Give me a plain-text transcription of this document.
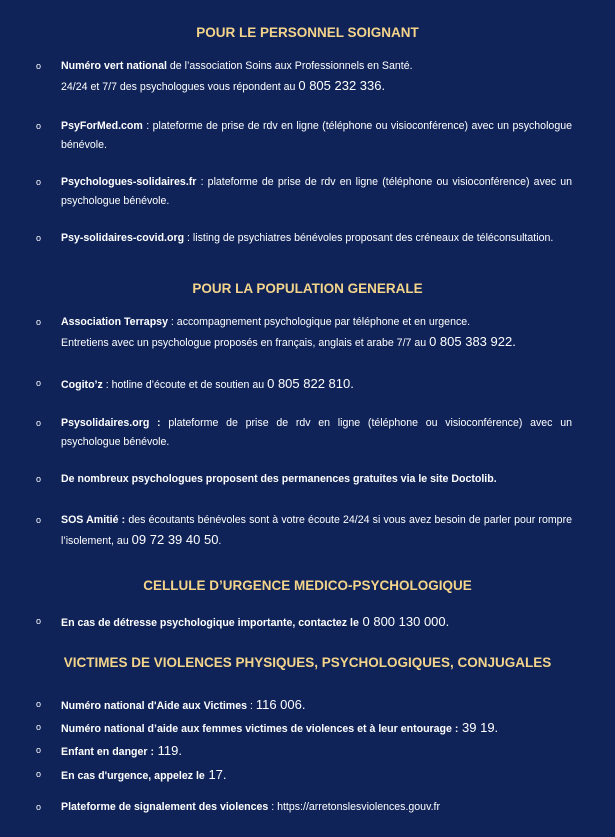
POUR LE PERSONNEL SOIGNANT
o	Numéro vert national de l’association Soins aux Professionnels en Santé.
24/24 et 7/7 des psychologues vous répondent au 0 805 232 336.
o	PsyForMed.com : plateforme de prise de rdv en ligne (téléphone ou visioconférence) avec un psychologue bénévole.
o	Psychologues-solidaires.fr : plateforme de prise de rdv en ligne (téléphone ou visioconférence) avec un psychologue bénévole.
o	Psy-solidaires-covid.org : listing de psychiatres bénévoles proposant des créneaux de téléconsultation.
POUR LA POPULATION GENERALE
o	Association Terrapsy : accompagnement psychologique par téléphone et en urgence.
Entretiens avec un psychologue proposés en français, anglais et arabe 7/7 au 0 805 383 922.
o	Cogito’z : hotline d’écoute et de soutien au 0 805 822 810.
o	Psysolidaires.org : plateforme de prise de rdv en ligne (téléphone ou visioconférence) avec un psychologue bénévole.
o	De nombreux psychologues proposent des permanences gratuites via le site Doctolib.
o	SOS Amitié : des écoutants bénévoles sont à votre écoute 24/24 si vous avez besoin de parler pour rompre l’isolement, au 09 72 39 40 50.
CELLULE D’URGENCE MEDICO-PSYCHOLOGIQUE
o	En cas de détresse psychologique importante, contactez le 0 800 130 000.
VICTIMES DE VIOLENCES PHYSIQUES, PSYCHOLOGIQUES, CONJUGALES
o	Numéro national d'Aide aux Victimes : 116 006.
o	Numéro national d’aide aux femmes victimes de violences et à leur entourage : 39 19.
o	Enfant en danger : 119.
o	En cas d'urgence, appelez le 17.
o	Plateforme de signalement des violences : https://arretonslesviolences.gouv.fr
